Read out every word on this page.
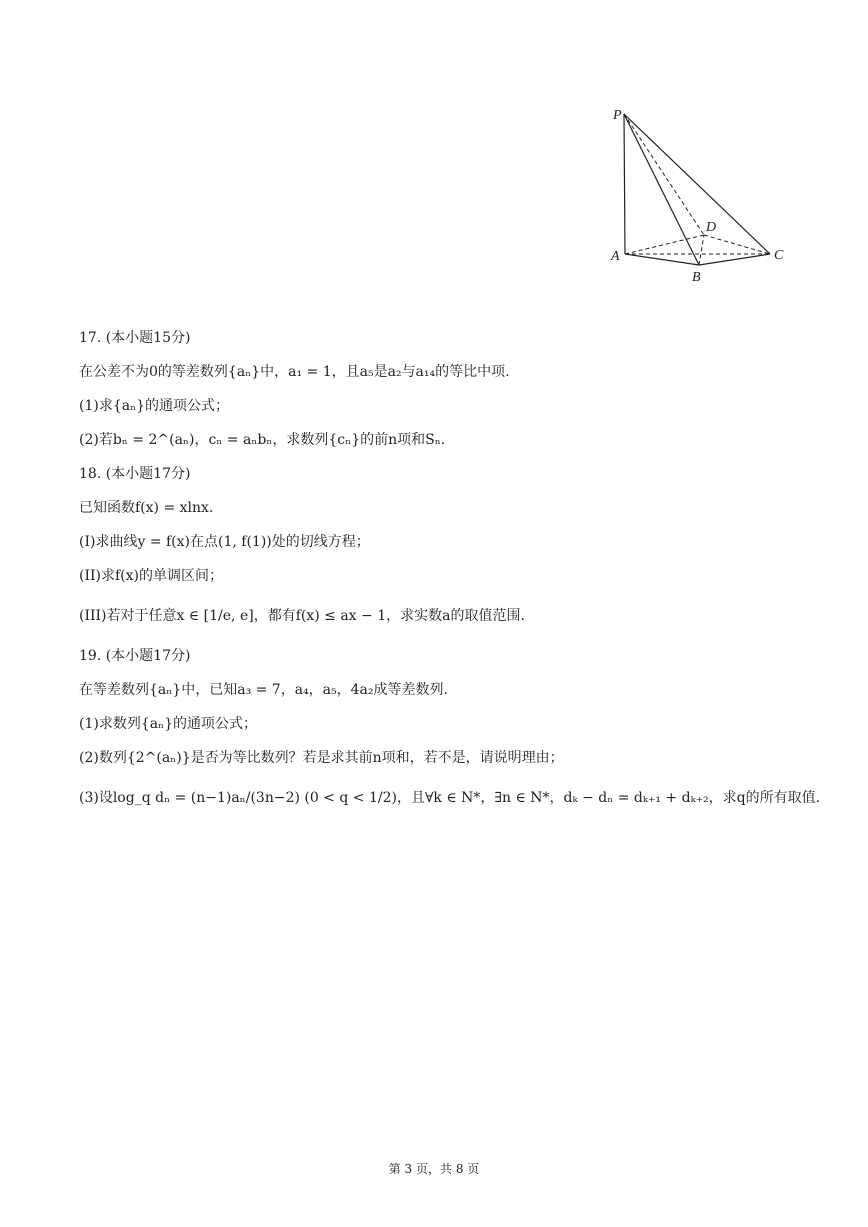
P
A
B
C
D
17. (本小题15分)
在公差不为0的等差数列{aₙ}中，a₁ = 1，且a₅是a₂与a₁₄的等比中项.
(1)求{aₙ}的通项公式；
(2)若bₙ = 2^(aₙ)，cₙ = aₙbₙ，求数列{cₙ}的前n项和Sₙ.
18. (本小题17分)
已知函数f(x) = xlnx.
(I)求曲线y = f(x)在点(1, f(1))处的切线方程；
(II)求f(x)的单调区间；
(III)若对于任意x ∈ [1/e, e]，都有f(x) ≤ ax − 1，求实数a的取值范围.
19. (本小题17分)
在等差数列{aₙ}中，已知a₃ = 7，a₄，a₅，4a₂成等差数列.
(1)求数列{aₙ}的通项公式；
(2)数列{2^(aₙ)}是否为等比数列？若是求其前n项和，若不是，请说明理由；
(3)设log_q dₙ = (n−1)aₙ/(3n−2) (0 < q < 1/2)，且∀k ∈ N*，∃n ∈ N*，dₖ − dₙ = dₖ₊₁ + dₖ₊₂，求q的所有取值.
第 3 页，共 8 页
